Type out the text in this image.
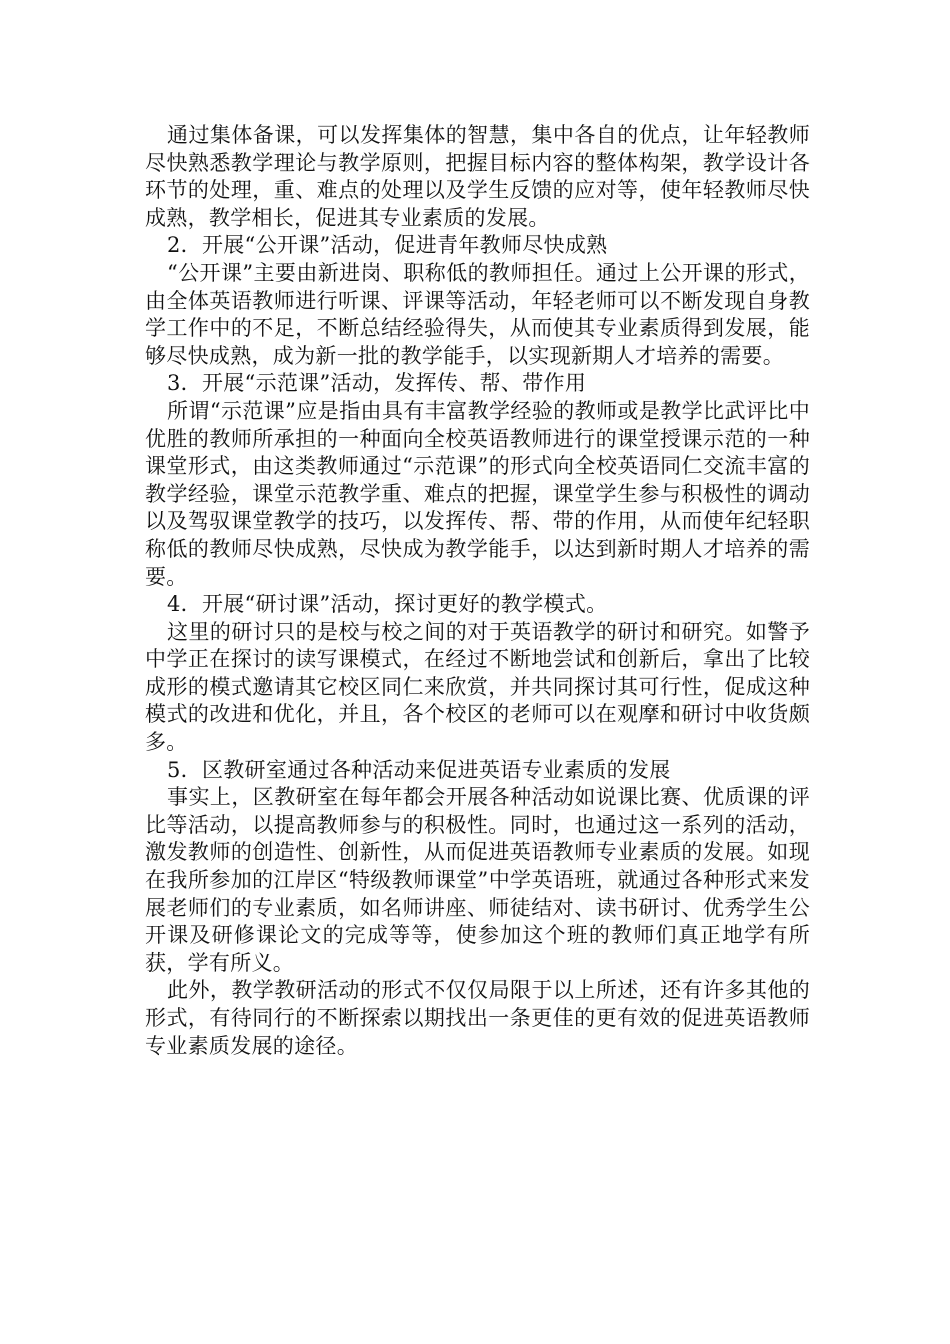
通过集体备课，可以发挥集体的智慧，集中各自的优点，让年轻教师尽快熟悉教学理论与教学原则，把握目标内容的整体构架，教学设计各环节的处理，重、难点的处理以及学生反馈的应对等，使年轻教师尽快成熟，教学相长，促进其专业素质的发展。

2．开展“公开课”活动，促进青年教师尽快成熟

“公开课”主要由新进岗、职称低的教师担任。通过上公开课的形式，由全体英语教师进行听课、评课等活动，年轻老师可以不断发现自身教学工作中的不足，不断总结经验得失，从而使其专业素质得到发展，能够尽快成熟，成为新一批的教学能手，以实现新期人才培养的需要。

3．开展“示范课”活动，发挥传、帮、带作用

所谓“示范课”应是指由具有丰富教学经验的教师或是教学比武评比中优胜的教师所承担的一种面向全校英语教师进行的课堂授课示范的一种课堂形式，由这类教师通过“示范课”的形式向全校英语同仁交流丰富的教学经验，课堂示范教学重、难点的把握，课堂学生参与积极性的调动以及驾驭课堂教学的技巧，以发挥传、帮、带的作用，从而使年纪轻职称低的教师尽快成熟，尽快成为教学能手，以达到新时期人才培养的需要。

4．开展“研讨课”活动，探讨更好的教学模式。

这里的研讨只的是校与校之间的对于英语教学的研讨和研究。如警予中学正在探讨的读写课模式，在经过不断地尝试和创新后，拿出了比较成形的模式邀请其它校区同仁来欣赏，并共同探讨其可行性，促成这种模式的改进和优化，并且，各个校区的老师可以在观摩和研讨中收货颇多。

5．区教研室通过各种活动来促进英语专业素质的发展

事实上，区教研室在每年都会开展各种活动如说课比赛、优质课的评比等活动，以提高教师参与的积极性。同时，也通过这一系列的活动，激发教师的创造性、创新性，从而促进英语教师专业素质的发展。如现在我所参加的江岸区“特级教师课堂”中学英语班，就通过各种形式来发展老师们的专业素质，如名师讲座、师徒结对、读书研讨、优秀学生公开课及研修课论文的完成等等，使参加这个班的教师们真正地学有所获，学有所义。

此外，教学教研活动的形式不仅仅局限于以上所述，还有许多其他的形式，有待同行的不断探索以期找出一条更佳的更有效的促进英语教师专业素质发展的途径。
